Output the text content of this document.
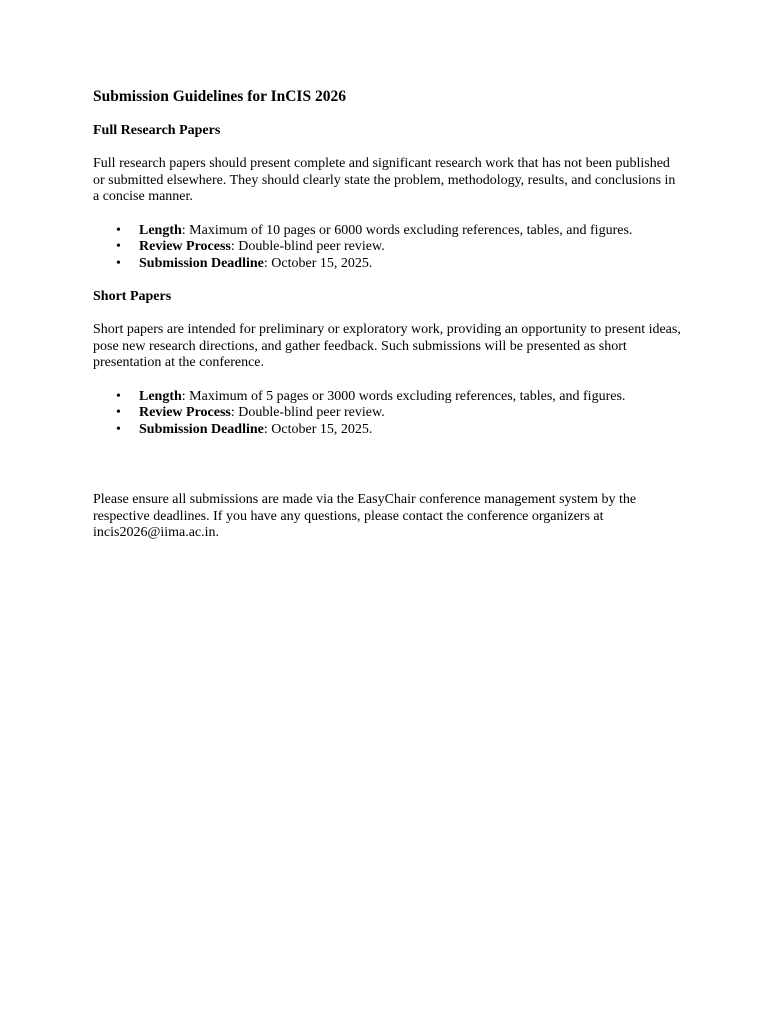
Submission Guidelines for InCIS 2026
Full Research Papers

Full research papers should present complete and significant research work that has not been published or submitted elsewhere. They should clearly state the problem, methodology, results, and conclusions in a concise manner.

• Length: Maximum of 10 pages or 6000 words excluding references, tables, and figures.
• Review Process: Double-blind peer review.
• Submission Deadline: October 15, 2025.
Short Papers

Short papers are intended for preliminary or exploratory work, providing an opportunity to present ideas, pose new research directions, and gather feedback. Such submissions will be presented as short presentation at the conference.

• Length: Maximum of 5 pages or 3000 words excluding references, tables, and figures.
• Review Process: Double-blind peer review.
• Submission Deadline: October 15, 2025.

Please ensure all submissions are made via the EasyChair conference management system by the respective deadlines. If you have any questions, please contact the conference organizers at incis2026@iima.ac.in.
